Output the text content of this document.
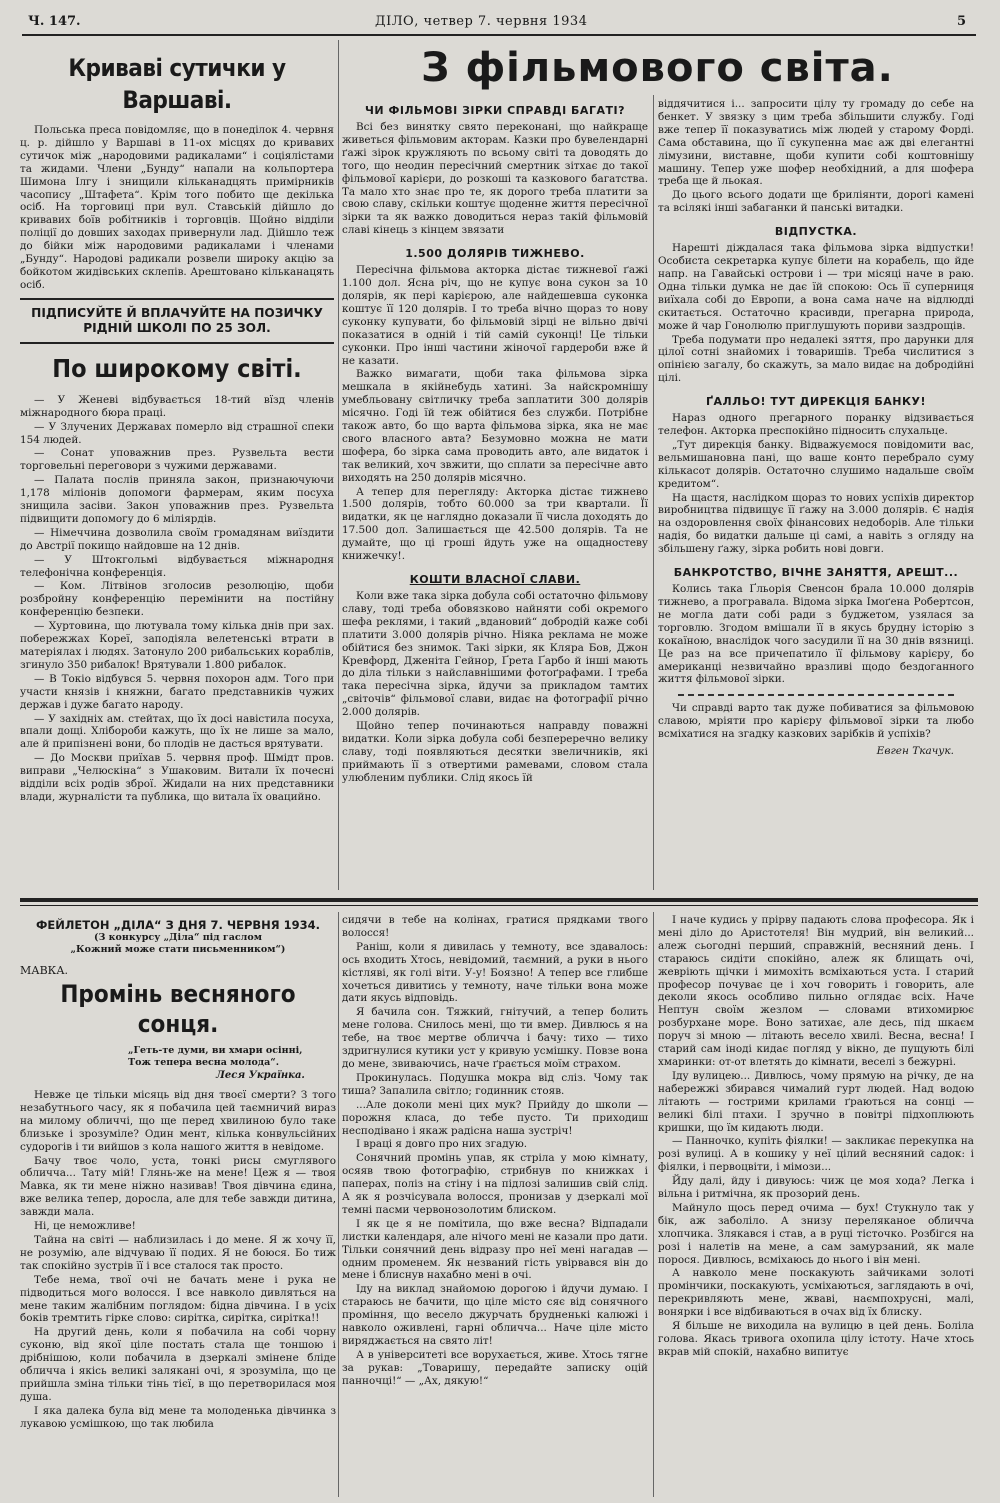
Ч. 147.	ДІЛО, четвер 7. червня 1934	5
Криваві сутички у Варшаві.

Польська преса повідомляє, що в понеділок 4. червня ц. р. дійшло у Варшаві в 11-ох місцях до кривавих сутичок між „народовими радикалами“ і соціялістами та жидами. Члени „Бунду“ напали на кольпортера Шимона Ілгу і знищили кільканадцять примірників часопису „Штафета“. Крім того побито ще декілька осіб. На торговиці при вул. Ставській дійшло до кривавих боїв робітників і торговців. Щойно відділи поліції до довших заходах привернули лад. Дійшло теж до бійки між народовими радикалами і членами „Бунду“. Народові радикали розвели широку акцію за бойкотом жидівських склепів. Арештовано кільканацять осіб.

ПІДПИСУЙТЕ Й ВПЛАЧУЙТЕ НА ПОЗИЧКУ РІДНІЙ ШКОЛІ ПО 25 ЗОЛ.
По широкому світі.

— У Женеві відбувається 18-тий вїзд членів міжнародного бюра праці.

— У Злучених Державах померло від страшної спеки 154 людей.

— Сонат уповажнив през. Рузвельта вести торговельні переговори з чужими державами.

— Палата послів приняла закон, признаючуючи 1,178 міліонів допомоги фармерам, яким посуха знищила засіви. Закон уповажнив през. Рузвельта підвищити допомогу до 6 міліярдів.

— Німеччина дозволила своїм громадянам виїздити до Австрії покищо найдовше на 12 днів.

— У Штокгольмі відбувається міжнародня телефонічна конференція.

— Ком. Літвінов зголосив резолюцію, щоби розбройну конференцію перемінити на постійну конференцію безпеки.

— Хуртовина, що лютувала тому кілька днів при зах. побережжах Кореї, заподіяла велетенські втрати в матеріялах і людях. Затонуло 200 рибальських кораблів, згинуло 350 рибалок! Врятували 1.800 рибалок.

— В Токіо відбувся 5. червня похорон адм. Того при участи князів і княжни, багато представників чужих держав і дуже багато народу.

— У західніх ам. стейтах, що їх досі навістила посуха, впали дощі. Хлібороби кажуть, що їх не лише за мало, але й припізнені вони, бо плодів не дасться врятувати.

— До Москви приїхав 5. червня проф. Шмідт пров. виправи „Челюскіна“ з Ушаковим. Витали їх почесні відділи всіх родів зброї. Жидали на них представники влади, журналісти та публика, що витала їх овацийно.

З фільмового світа.
ЧИ ФІЛЬМОВІ ЗІРКИ СПРАВДІ БАГАТІ?

Всі без винятку свято переконані, що найкраще живеться фільмовим акторам. Казки про бувелендарні ґажі зірок кружляють по всьому світі та доводять до того, що неодин пересічний смертник зітхає до такої фільмової карієри, до розкоші та казкового багатства. Та мало хто знає про те, як дорого треба платити за свою славу, скільки коштує щоденне життя пересічної зірки та як важко доводиться нераз такій фільмовій славі кінець з кінцем звязати

1.500 ДОЛЯРІВ ТИЖНЕВО.

Пересічна фільмова акторка дістає тижневої ґажі 1.100 дол. Ясна річ, що не купує вона сукон за 10 долярів, як пері карієрою, але найдешевша суконка коштує її 120 долярів. І то треба вічно щораз то нову суконку купувати, бо фільмовій зірці не вільно двічі показатися в одній і тій самій суконці! Це тільки суконки. Про інші частини жіночої гардероби вже й не казати.

Важко вимагати, щоби така фільмова зірка мешкала в якійнебудь хатині. За найскромнішу умебльовану світличку треба заплатити 300 долярів місячно. Годі їй теж обійтися без служби. Потрібне також авто, бо що варта фільмова зірка, яка не має свого власного авта? Безумовно можна не мати шофера, бо зірка сама проводить авто, але видаток і так великий, хоч звжити, що сплати за пересічне авто виходять на 250 долярів місячно.

А тепер для перегляду: Акторка дістає тижнево 1.500 долярів, тобто 60.000 за три квартали. Її видатки, як це наглядно доказали її числа доходять до 17.500 дол. Залишається ще 42.500 долярів. Та не думайте, що ці гроші йдуть уже на ощадностеву книжечку!.

КОШТИ ВЛАСНОЇ СЛАВИ.

Коли вже така зірка добула собі остаточно фільмову славу, тоді треба обовязково найняти собі окремого шефа реклями, і такий „вдановий“ добродій каже собі платити 3.000 долярів річно. Ніяка реклама не може обійтися без знимок. Такі зірки, як Кляра Бов, Джон Кревфорд, Дженіта Гейнор, Ґрета Ґарбо й інші мають до діла тільки з найславнішими фотоґрафами. І треба така пересічна зірка, йдучи за прикладом тамтих „світочів“ фільмової слави, видає на фотографії річно 2.000 долярів.

Щойно тепер починаються направду поважні видатки. Коли зірка добула собі безпереречно велику славу, тоді появляються десятки звеличників, які приймають її з отвертими рамевами, словом стала улюбленим публики. Слід якось їй

віддячитися і... запросити цілу ту громаду до себе на бенкет. У звязку з цим треба збільшити службу. Годі вже тепер її показуватись між людей у старому Форді. Сама обставина, що її сукупенна має аж дві елегантні лімузини, виставне, щоби купити собі коштовнішу машину. Тепер уже шофер необхідний, а для шофера треба ще й льокая.

До цього всього додати ще бриліянти, дорогі камені та всілякі інші забаганки й панські витадки.

ВІДПУСТКА.

Нарешті діждалася така фільмова зірка відпустки! Особиста секретарка купує білети на корабель, що йде напр. на Гавайські острови і — три місяці наче в раю. Одна тільки думка не дає їй спокою: Ось її суперниця виїхала собі до Европи, а вона сама наче на відлюдді скитається. Остаточно красивди, прегарна природа, може й чар Гонолюлю приглушують пориви заздрощів.

Треба подумати про недалекі зяття, про дарунки для цілої сотні знайомих і товаришів. Треба числитися з опінією загалу, бо скажуть, за мало видає на добродійні цілі.

ҐАЛЛЬО! ТУТ ДИРЕКЦІЯ БАНКУ!

Нараз одного прегарного поранку відзивається телефон. Акторка преспокійно підносить слухальце.

„Тут дирекція банку. Відважуємося повідомити вас, вельмишановна пані, що ваше конто перебрало суму кількасот долярів. Остаточно слушимо надальше своїм кредитом“.

На щастя, наслідком щораз то нових успіхів директор виробництва підвищує її ґажу на 3.000 долярів. Є надія на оздоровлення своїх фінансових недоборів. Але тільки надія, бо видатки дальше ці самі, а навіть з огляду на збільшену ґажу, зірка робить нові довги.

БАНКРОТСТВО, ВІЧНЕ ЗАНЯТТЯ, АРЕШТ...

Колись така Ґльорія Свенсон брала 10.000 долярів тижнево, а програвала. Відома зірка Імоґена Робертсон, не могла дати собі ради з буджетом, узялася за торговлю. Згодом вмішали її в якусь брудну історію з кокаїною, внаслідок чого засудили її на 30 днів вязниці. Це раз на все причепатило її фільмову карієру, бо американці незвичайно вразливі щодо бездоганного життя фільмової зірки.

Чи справді варто так дуже побиватися за фільмовою славою, мріяти про карієру фільмової зірки та любо всміхатися на згадку казкових зарібків й успіхів?

Евген Ткачук.
ФЕЙЛЕТОН „ДІЛА“ З ДНЯ 7. ЧЕРВНЯ 1934.
(З конкурсу „Діла“ під гаслом
„Кожний може стати письменником“)
МАВКА.
Промінь весняного сонця.
„Геть-те думи, ви хмари осінні,
Тож тепера весна молода“.
Леся Українка.

Невже це тільки місяць від дня твоєї смерти? З того незабутнього часу, як я побачила цей таємничий вираз на милому обличчі, що ще перед хвилиною було таке близьке і зрозуміле? Один мент, кілька конвульсійних судорогів і ти вийшов з кола нашого життя в невідоме.

Бачу твоє чоло, уста, тонкі рисы смуглявого обличча... Тату мій! Глянь-же на мене! Цеж я — твоя Мавка, як ти мене ніжно називав! Твоя дівчина єдина, вже велика тепер, доросла, але для тебе завжди дитина, завжди мала.

Ні, це неможливе!

Тайна на світі — наблизилась і до мене. Я ж хочу її, не розумію, але відчуваю її подих. Я не боюся. Бо тиж так спокійно зустрів її і все сталося так просто.

Тебе нема, твої очі не бачать мене і рука не підводиться мого волосся. І все навколо дивляться на мене таким жалібним поглядом: бідна дівчина. І в усіх боків тремтить гірке слово: сирітка, сирітка, сирітка!!

На другий день, коли я побачила на собі чорну суконю, від якої ціле постать стала ще тоншою і дрібнішою, коли побачила в дзеркалі змінене бліде обличча і якісь великі залякані очі, я зрозуміла, що це прийшла зміна тільки тінь тієї, в що перетворилася моя душа.

І яка далека була від мене та молоденька дівчинка з лукавою усмішкою, що так любила

сидячи в тебе на колінах, гратися прядками твого волосся!

Раніш, коли я дивилась у темноту, все здавалось: ось входить Хтось, невідомий, таємний, а руки в нього кістляві, як голі віти. У-у! Боязно! А тепер все глибше хочеться дивитись у темноту, наче тільки вона може дати якусь відповідь.

Я бачила сон. Тяжкий, гнітучий, а тепер болить мене голова. Снилось мені, що ти вмер. Дивлюсь я на тебе, на твоє мертве обличча і бачу: тихо — тихо здригнулися кутики уст у кривую усмішку. Повзе вона до мене, звиваючись, наче ґрається моїм страхом.

Прокинулась. Подушка мокра від сліз. Чому так тиша? Запалила світло; годинник стояв.

...Але доколи мені цих мук? Прийду до школи — порожня класа, до тебе пусто. Ти приходиш несподівано і якаж радісна наша зустріч!

І враці я довго про них згадую.

Сонячний промінь упав, як стріла у мою кімнату, осяяв твою фотографію, стрибнув по книжках і паперах, поліз на стіну і на підлозі залишив свій слід. А як я розчісувала волосся, пронизав у дзеркалі мої темні пасми червонозолотим блиском.

І як це я не помітила, що вже весна? Відпадали листки календаря, але нічого мені не казали про дати. Тільки сонячний день відразу про неї мені нагадав — одним променем. Як незваний гість увірвався він до мене і блиснув нахабно мені в очі.

Іду на виклад знайомою дорогою і йдучи думаю. І стараюсь не бачити, що ціле місто сяє від сонячного проміння, що весело джурчать брудненькі калюжі і навколо оживлені, гарні обличча... Наче ціле місто виряджається на свято літ!

А в університеті все ворухається, живе. Хтось тягне за рукав: „Товаришу, передайте записку оцій панночці!“ — „Ах, дякую!“

І наче кудись у прірву падають слова професора. Як і мені діло до Аристотеля! Він мудрий, він великий... алеж сьогодні перший, справжній, весняний день. І стараюсь сидіти спокійно, алеж як блищать очі, жевріють щічки і мимохіть всміхаються уста. І старий професор почуває це і хоч говорить і говорить, але деколи якось особливо пильно оглядає всіх. Наче Нептун своїм жезлом — словами втихомирює розбурхане море. Воно затихає, але десь, під шкаєм поруч зі мною — літають весело хвилі. Весна, весна! І старий сам іноді кидає погляд у вікно, де пущують білі хмаринки: от-от влетять до кімнати, веселі з бежурні.

Іду вулицею... Дивлюсь, чому прямую на річку, де на набережжі збирався чималий гурт людей. Над водою літають — гострими крилами ґраються на сонці — великі білі птахи. І зручно в повітрі підхоплюють кришки, що їм кидають люди.

— Панночко, купіть фіялки! — закликає перекупка на розі вулиці. А в кошику у неї цілий весняний садок: і фіялки, і первоцвіти, і мімози...

Йду далі, йду і дивуюсь: чиж це моя хода? Легка і вільна і ритмічна, як прозорий день.

Майнуло щось перед очима — бух! Стукнуло так у бік, аж заболіло. А знизу переляканое обличча хлопчика. Злякався і став, а в руці тісточко. Розбігся на розі і налетів на мене, а сам замурзаний, як мале порося. Дивлюсь, всміхаюсь до нього і він мені.

А навколо мене поскакують зайчиками золоті промінчики, поскакують, усміхаються, заглядають в очі, перекривляють мене, жваві, наємпохрусні, малі, вонярки і все відбиваються в очах від їх блиску.

Я більше не виходила на вулицю в цей день. Боліла голова. Якась тривога охопила цілу істоту. Наче хтось вкрав мій спокій, нахабно випитує
